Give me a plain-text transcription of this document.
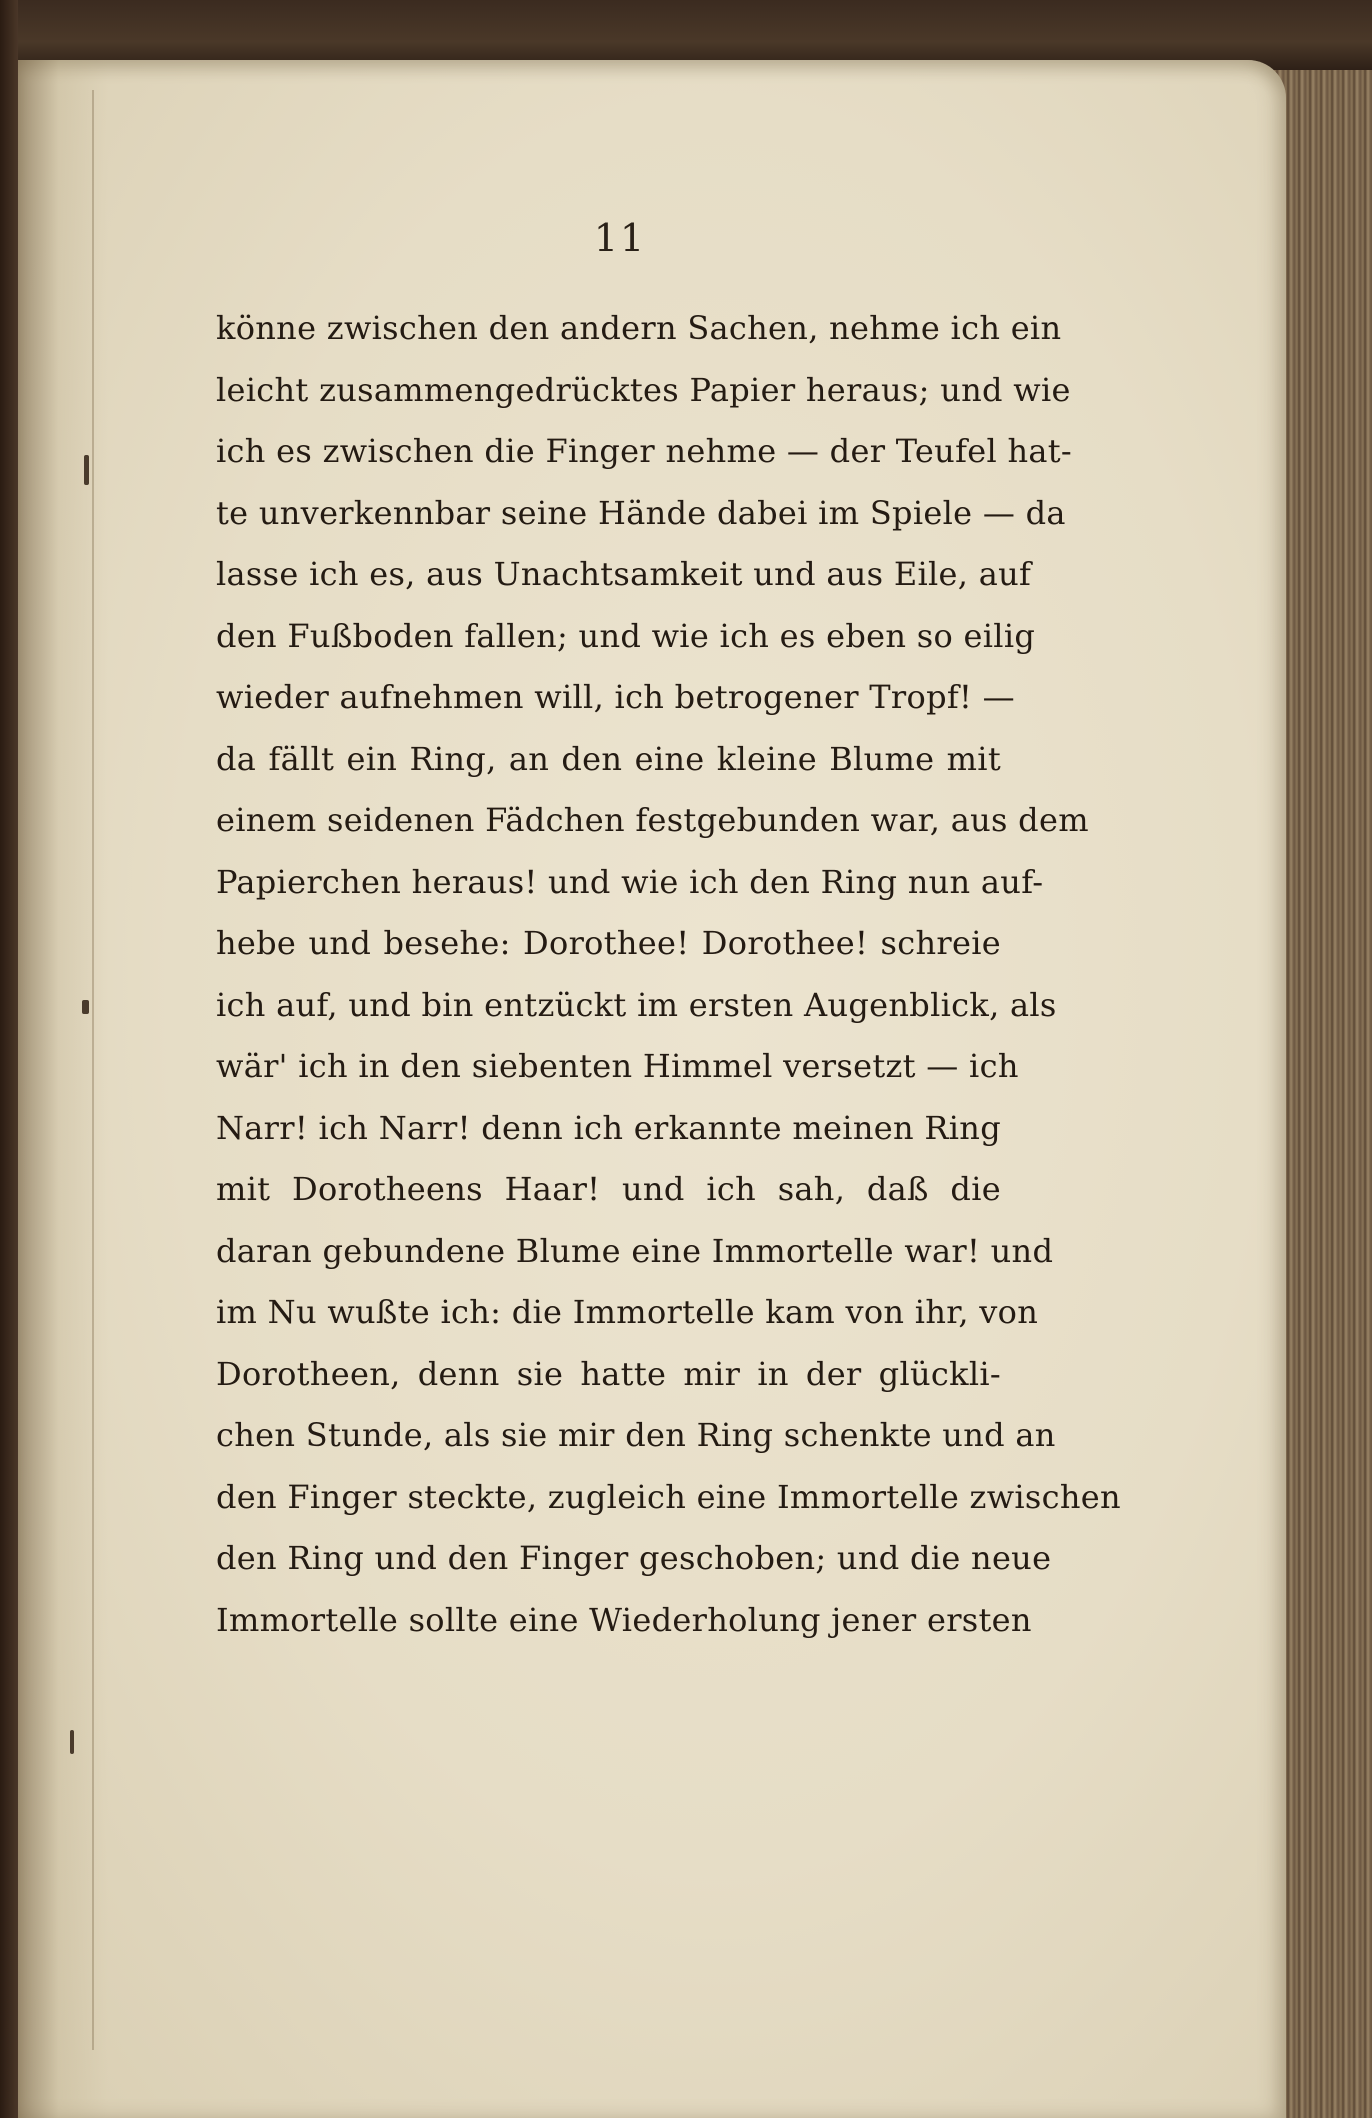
11
könne zwischen den andern Sachen, nehme ich ein
leicht zusammengedrücktes Papier heraus; und wie
ich es zwischen die Finger nehme — der Teufel hat-
te unverkennbar seine Hände dabei im Spiele — da
lasse ich es, aus Unachtsamkeit und aus Eile, auf
den Fußboden fallen; und wie ich es eben so eilig
wieder aufnehmen will, ich betrogener Tropf! —
da fällt ein Ring, an den eine kleine Blume mit
einem seidenen Fädchen festgebunden war, aus dem
Papierchen heraus! und wie ich den Ring nun auf-
hebe und besehe: Dorothee! Dorothee! schreie
ich auf, und bin entzückt im ersten Augenblick, als
wär' ich in den siebenten Himmel versetzt — ich
Narr! ich Narr! denn ich erkannte meinen Ring
mit Dorotheens Haar! und ich sah, daß die
daran gebundene Blume eine Immortelle war! und
im Nu wußte ich: die Immortelle kam von ihr, von
Dorotheen, denn sie hatte mir in der glückli-
chen Stunde, als sie mir den Ring schenkte und an
den Finger steckte, zugleich eine Immortelle zwischen
den Ring und den Finger geschoben; und die neue
Immortelle sollte eine Wiederholung jener ersten
